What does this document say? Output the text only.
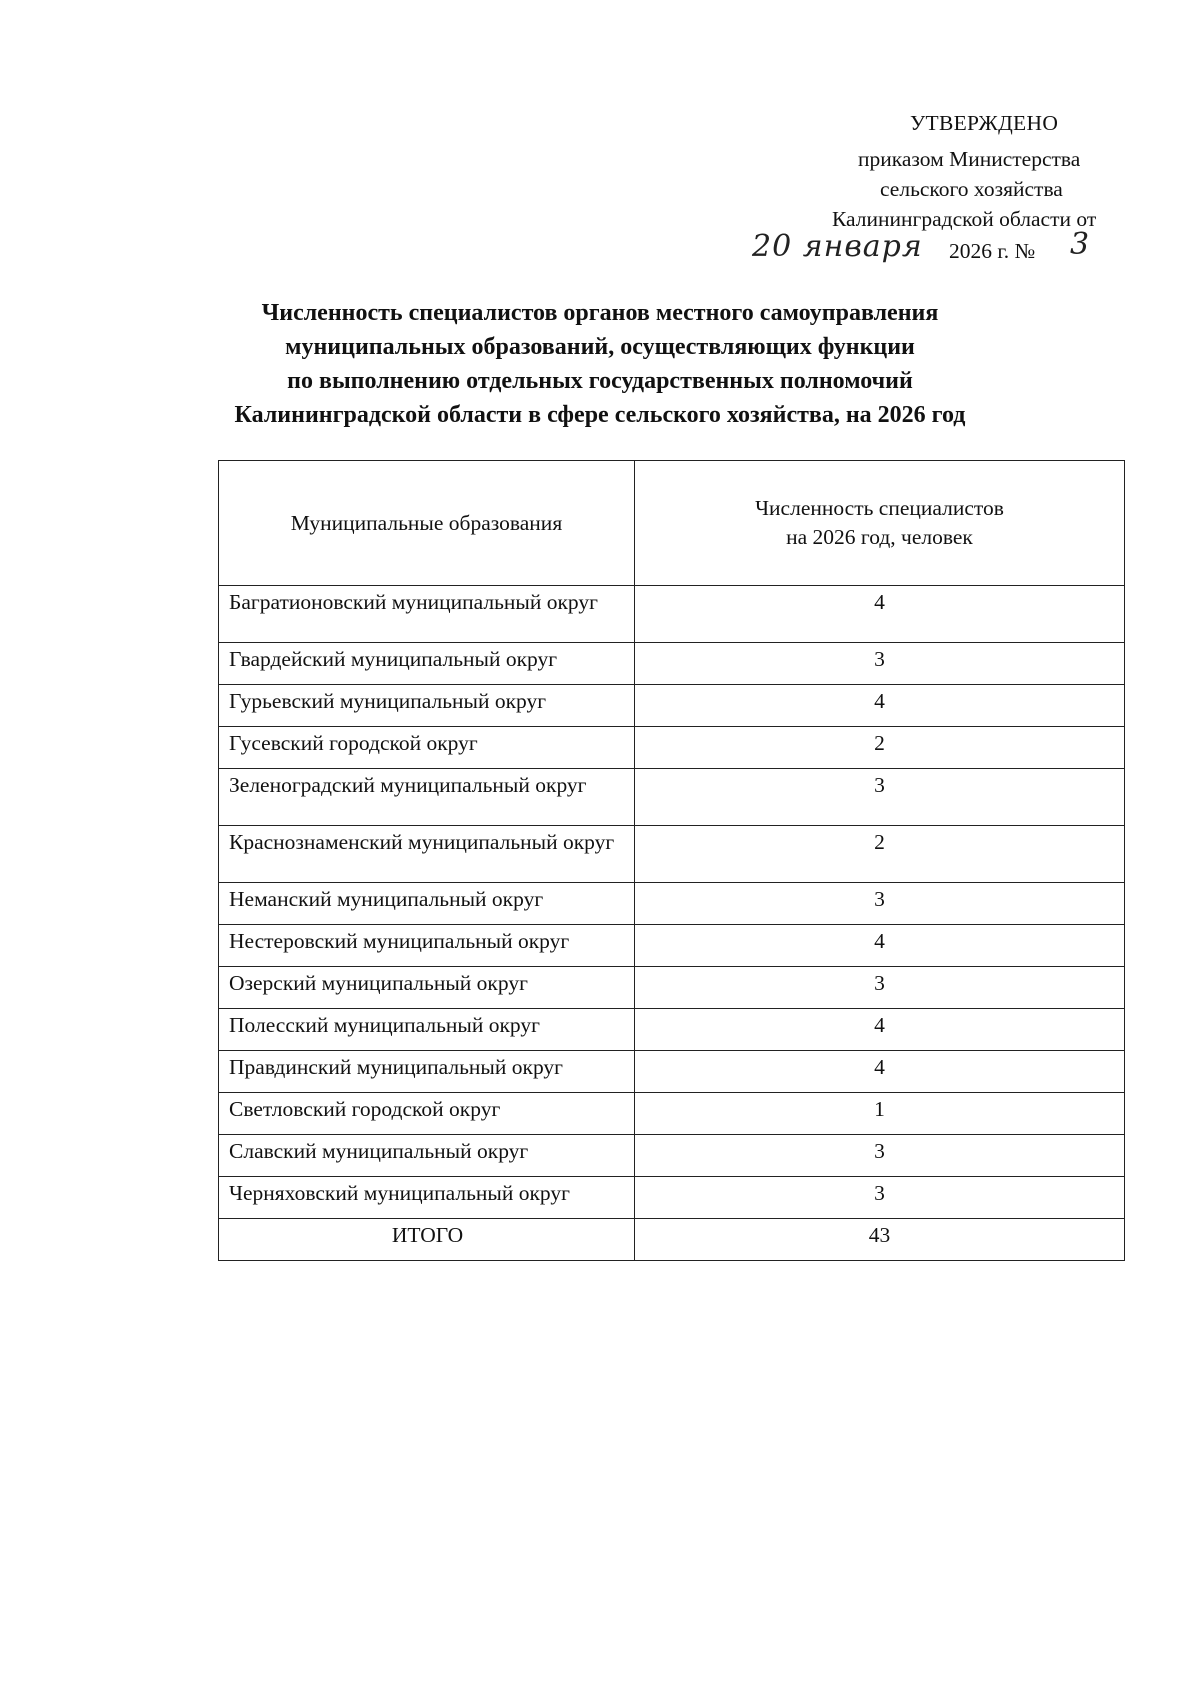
УТВЕРЖДЕНО
приказом Министерства
сельского хозяйства
Калининградской области от
20 января 2026 г. № 3
Численность специалистов органов местного самоуправления
муниципальных образований, осуществляющих функции
по выполнению отдельных государственных полномочий
Калининградской области в сфере сельского хозяйства, на 2026 год
Муниципальные образования	Численность специалистов
на 2026 год, человек

Багратионовский муниципальный округ	4
Гвардейский муниципальный округ	3
Гурьевский муниципальный округ	4
Гусевский городской округ	2
Зеленоградский муниципальный округ	3
Краснознаменский муниципальный округ	2
Неманский муниципальный округ	3
Нестеровский муниципальный округ	4
Озерский муниципальный округ	3
Полесский муниципальный округ	4
Правдинский муниципальный округ	4
Светловский городской округ	1
Славский муниципальный округ	3
Черняховский муниципальный округ	3
ИТОГО	43
